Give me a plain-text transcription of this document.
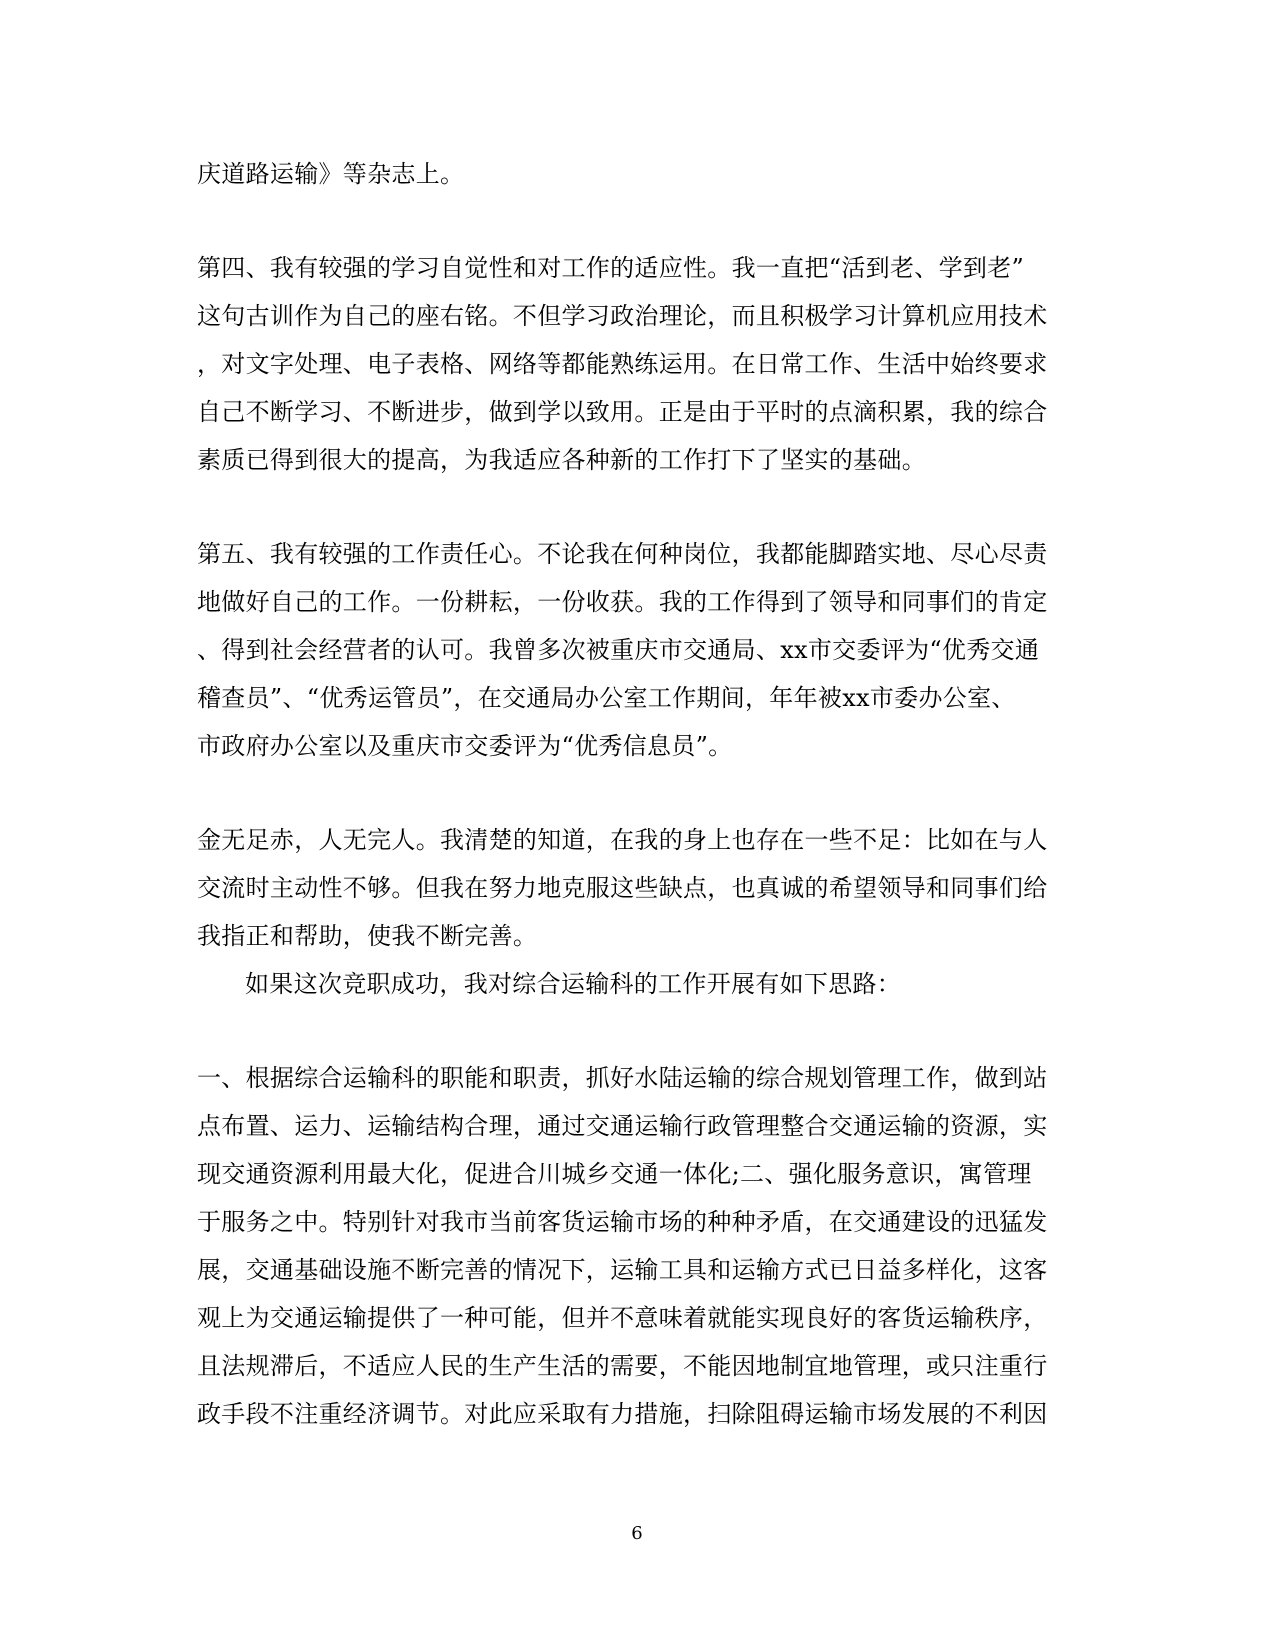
庆道路运输》等杂志上。
第四、我有较强的学习自觉性和对工作的适应性。我一直把“活到老、学到老”
这句古训作为自己的座右铭。不但学习政治理论，而且积极学习计算机应用技术
，对文字处理、电子表格、网络等都能熟练运用。在日常工作、生活中始终要求
自己不断学习、不断进步，做到学以致用。正是由于平时的点滴积累，我的综合
素质已得到很大的提高，为我适应各种新的工作打下了坚实的基础。
第五、我有较强的工作责任心。不论我在何种岗位，我都能脚踏实地、尽心尽责
地做好自己的工作。一份耕耘，一份收获。我的工作得到了领导和同事们的肯定
、得到社会经营者的认可。我曾多次被重庆市交通局、xx市交委评为“优秀交通
稽查员”、“优秀运管员”，在交通局办公室工作期间，年年被xx市委办公室、
市政府办公室以及重庆市交委评为“优秀信息员”。
金无足赤，人无完人。我清楚的知道，在我的身上也存在一些不足：比如在与人
交流时主动性不够。但我在努力地克服这些缺点，也真诚的希望领导和同事们给
我指正和帮助，使我不断完善。
如果这次竞职成功，我对综合运输科的工作开展有如下思路：
一、根据综合运输科的职能和职责，抓好水陆运输的综合规划管理工作，做到站
点布置、运力、运输结构合理，通过交通运输行政管理整合交通运输的资源，实
现交通资源利用最大化，促进合川城乡交通一体化;二、强化服务意识，寓管理
于服务之中。特别针对我市当前客货运输市场的种种矛盾，在交通建设的迅猛发
展，交通基础设施不断完善的情况下，运输工具和运输方式已日益多样化，这客
观上为交通运输提供了一种可能，但并不意味着就能实现良好的客货运输秩序，
且法规滞后，不适应人民的生产生活的需要，不能因地制宜地管理，或只注重行
政手段不注重经济调节。对此应采取有力措施，扫除阻碍运输市场发展的不利因
6
